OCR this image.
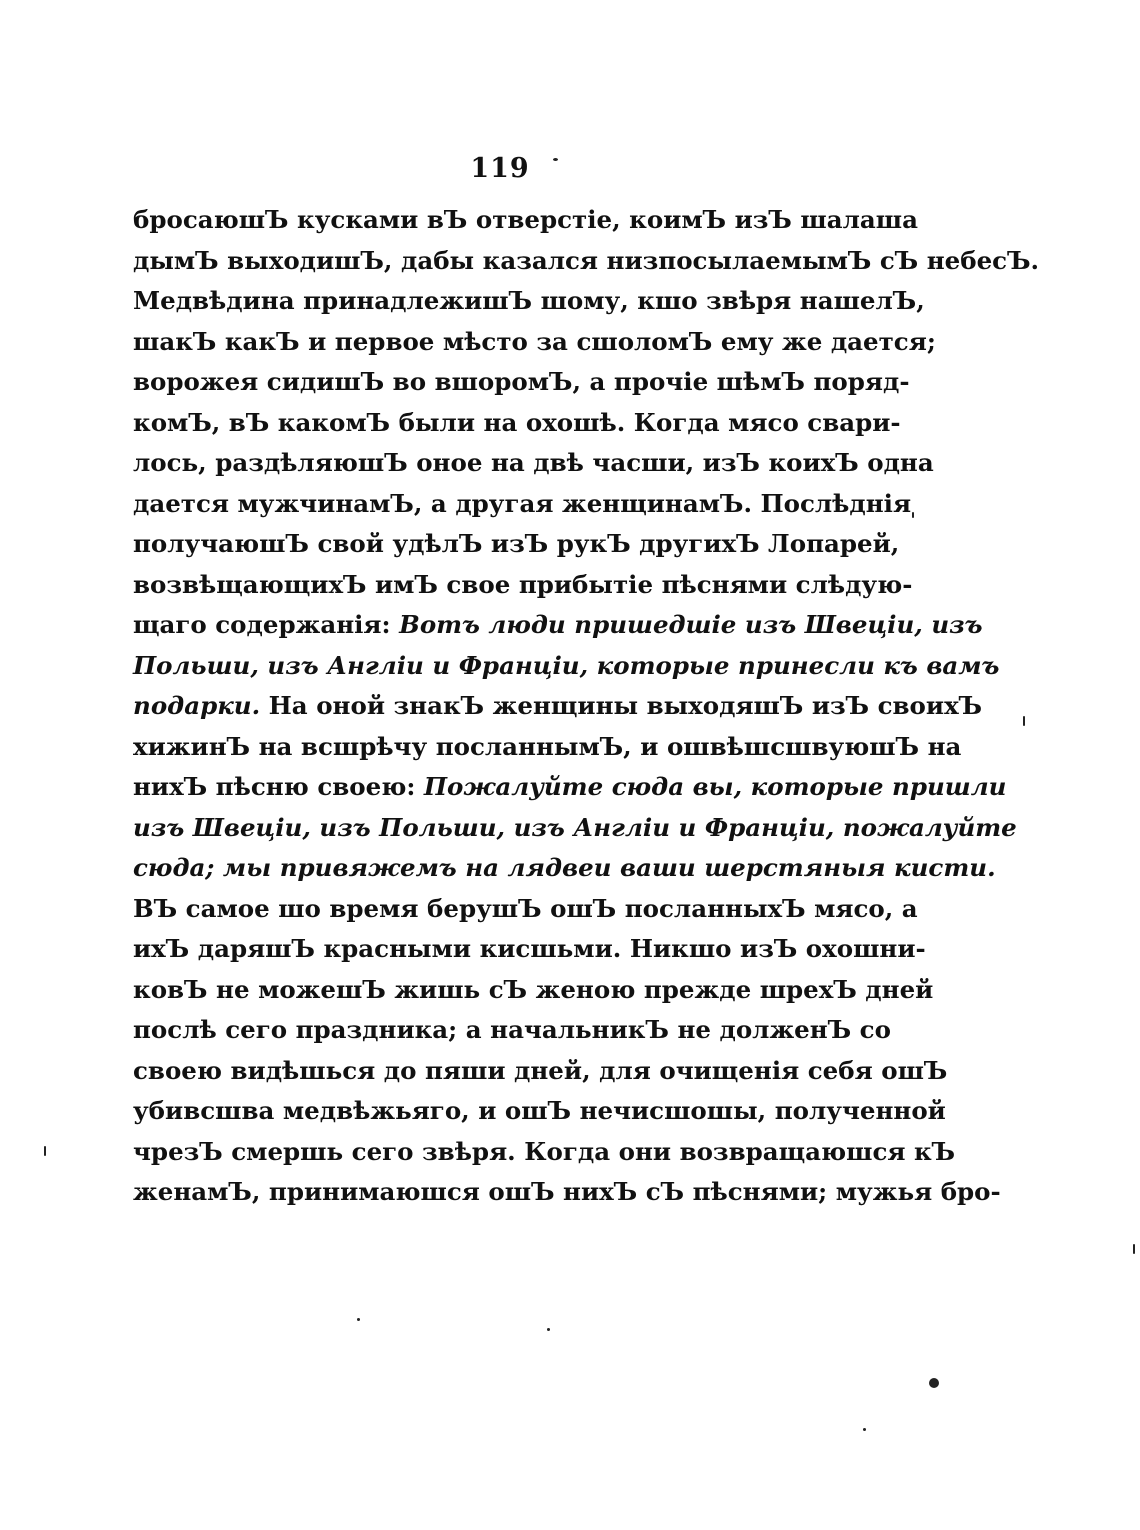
119
бросаюшЪ кусками вЪ отверстіе, коимЪ изЪ шалаша
дымЪ выходишЪ, дабы казался низпосылаемымЪ сЪ небесЪ.
Медвѣдина принадлежишЪ шому, кшо звѣря нашелЪ,
шакЪ какЪ и первое мѣсто за сшоломЪ ему же дается;
ворожея сидишЪ во вшоромЪ, а прочіе шѣмЪ поряд-
комЪ, вЪ какомЪ были на охошѣ. Когда мясо свари-
лось, раздѣляюшЪ оное на двѣ часши, изЪ коихЪ одна
дается мужчинамЪ, а другая женщинамЪ. Послѣднія
получаюшЪ свой удѣлЪ изЪ рукЪ другихЪ Лопарей,
возвѣщающихЪ имЪ свое прибытіе пѣснями слѣдую-
щаго содержанія: Вотъ люди пришедшіе изъ Швеціи, изъ
Польши, изъ Англіи и Франціи, которые принесли къ вамъ
подарки. На оной знакЪ женщины выходяшЪ изЪ своихЪ
хижинЪ на всшрѣчу посланнымЪ, и ошвѣшсшвуюшЪ на
нихЪ пѣсню своею: Пожалуйте сюда вы, которые пришли
изъ Швеціи, изъ Польши, изъ Англіи и Франціи, пожалуйте
сюда; мы привяжемъ на лядвеи ваши шерстяныя кисти.
ВЪ самое шо время берушЪ ошЪ посланныхЪ мясо, а
ихЪ даряшЪ красными кисшьми. Никшо изЪ охошни-
ковЪ не можешЪ жишь сЪ женою прежде шрехЪ дней
послѣ сего праздника; а начальникЪ не долженЪ со
своею видѣшься до пяши дней, для очищенія себя ошЪ
убивсшва медвѣжьяго, и ошЪ нечисшошы, полученной
чрезЪ смершь сего звѣря. Когда они возвращаюшся кЪ
женамЪ, принимаюшся ошЪ нихЪ сЪ пѣснями; мужья бро-
